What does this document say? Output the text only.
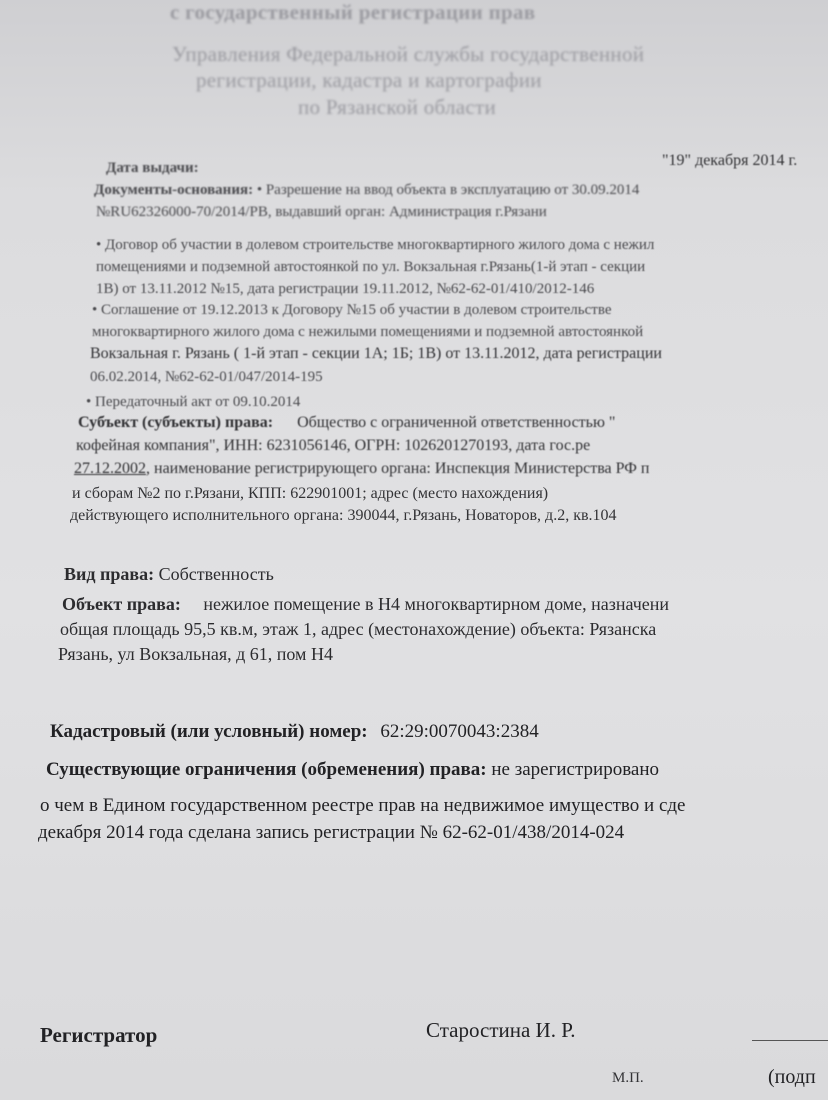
с государственный регистрации прав
Управления Федеральной службы государственной
регистрации, кадастра и картографии
по Рязанской области
Дата выдачи:	"19" декабря 2014 г.
Документы-основания: • Разрешение на ввод объекта в эксплуатацию от 30.09.2014
№RU62326000-70/2014/РВ, выдавший орган: Администрация г.Рязани
• Договор об участии в долевом строительстве многоквартирного жилого дома с нежил
помещениями и подземной автостоянкой по ул. Вокзальная г.Рязань(1-й этап - секции
1В) от 13.11.2012 №15, дата регистрации 19.11.2012, №62-62-01/410/2012-146
• Соглашение от 19.12.2013 к Договору №15 об участии в долевом строительстве
многоквартирного жилого дома с нежилыми помещениями и подземной автостоянкой
Вокзальная г. Рязань ( 1-й этап - секции 1А; 1Б; 1В) от 13.11.2012, дата регистрации
06.02.2014, №62-62-01/047/2014-195
• Передаточный акт от 09.10.2014
Субъект (субъекты) права: Общество с ограниченной ответственностью "
кофейная компания", ИНН: 6231056146, ОГРН: 1026201270193, дата гос.ре
27.12.2002, наименование регистрирующего органа: Инспекция Министерства РФ п
и сборам №2 по г.Рязани, КПП: 622901001; адрес (место нахождения)
действующего исполнительного органа: 390044, г.Рязань, Новаторов, д.2, кв.104
Вид права: Собственность
Объект права: нежилое помещение в Н4 многоквартирном доме, назначени
общая площадь 95,5 кв.м, этаж 1, адрес (местонахождение) объекта: Рязанска
Рязань, ул Вокзальная, д 61, пом Н4
Кадастровый (или условный) номер: 62:29:0070043:2384
Существующие ограничения (обременения) права: не зарегистрировано
о чем в Едином государственном реестре прав на недвижимое имущество и сде
декабря 2014 года сделана запись регистрации № 62-62-01/438/2014-024
Регистратор	Старостина И. Р.
М.П.	(подп
